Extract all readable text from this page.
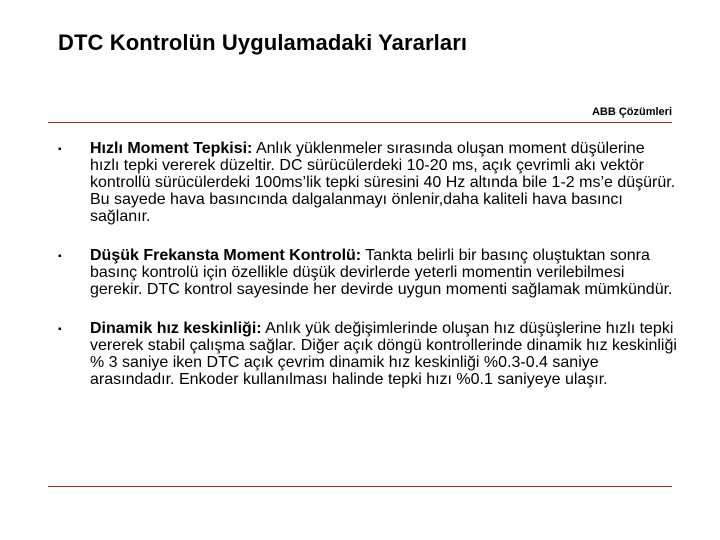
DTC Kontrolün Uygulamadaki Yararları
ABB Çözümleri
▪	Hızlı Moment Tepkisi: Anlık yüklenmeler sırasında oluşan moment düşülerine hızlı tepki vererek düzeltir. DC sürücülerdeki 10-20 ms, açık çevrimli akı vektör kontrollü sürücülerdeki 100ms’lik tepki süresini 40 Hz altında bile 1-2 ms’e düşürür. Bu sayede hava basıncında dalgalanmayı önlenir,daha kaliteli hava basıncı sağlanır.
▪	Düşük Frekansta Moment Kontrolü: Tankta belirli bir basınç oluştuktan sonra basınç kontrolü için özellikle düşük devirlerde yeterli momentin verilebilmesi gerekir. DTC kontrol sayesinde her devirde uygun momenti sağlamak mümkündür.
▪	Dinamik hız keskinliği: Anlık yük değişimlerinde oluşan hız düşüşlerine hızlı tepki vererek stabil çalışma sağlar. Diğer açık döngü kontrollerinde dinamik hız keskinliği % 3 saniye iken DTC açık çevrim dinamik hız keskinliği %0.3-0.4 saniye arasındadır. Enkoder kullanılması halinde tepki hızı %0.1 saniyeye ulaşır.
